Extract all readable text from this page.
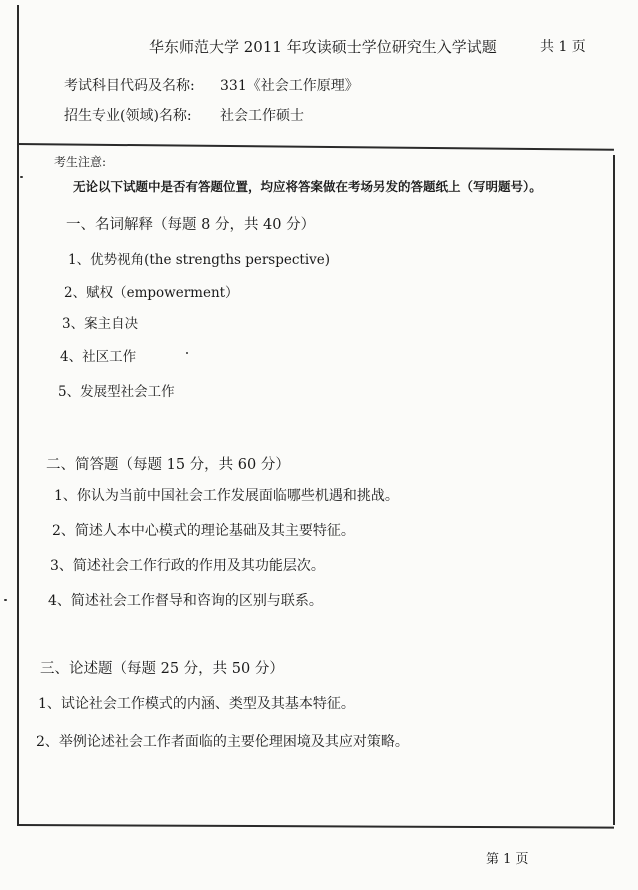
华东师范大学 2011 年攻读硕士学位研究生入学试题	共 1 页
考试科目代码及名称: 331《社会工作原理》
招生专业(领域)名称: 社会工作硕士
考生注意:
无论以下试题中是否有答题位置，均应将答案做在考场另发的答题纸上（写明题号）。
一、名词解释（每题 8 分，共 40 分）
1、优势视角(the strengths perspective)
2、赋权（empowerment）
3、案主自决
4、社区工作
5、发展型社会工作
二、简答题（每题 15 分，共 60 分）
1、你认为当前中国社会工作发展面临哪些机遇和挑战。
2、简述人本中心模式的理论基础及其主要特征。
3、简述社会工作行政的作用及其功能层次。
4、简述社会工作督导和咨询的区别与联系。
三、论述题（每题 25 分，共 50 分）
1、试论社会工作模式的内涵、类型及其基本特征。
2、举例论述社会工作者面临的主要伦理困境及其应对策略。
第 1 页
